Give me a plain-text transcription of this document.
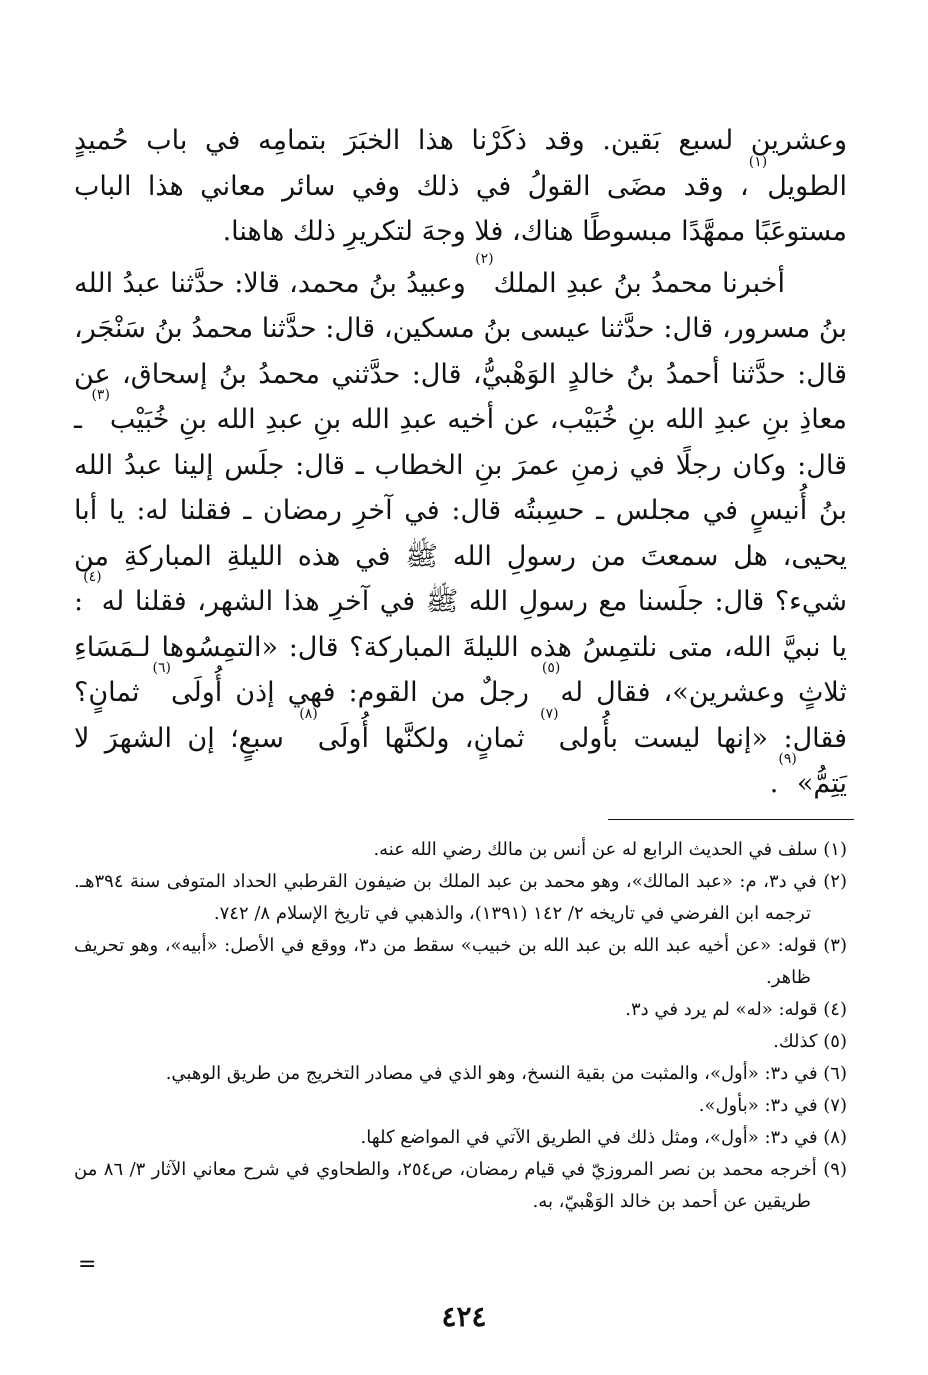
وعشرين لسبع بَقين. وقد ذكَرْنا هذا الخبَرَ بتمامِه في باب حُميدٍ الطويل$^{(١)}$، وقد مضَى القولُ في ذلك وفي سائر معاني هذا الباب مستوعَبًا ممهَّدًا مبسوطًا هناك، فلا وجهَ لتكريرِ ذلك هاهنا.

أخبرنا محمدُ بنُ عبدِ الملك$^{(٢)}$ وعبيدُ بنُ محمد، قالا: حدَّثنا عبدُ الله بنُ مسرور، قال: حدَّثنا عيسى بنُ مسكين، قال: حدَّثنا محمدُ بنُ سَنْجَر، قال: حدَّثنا أحمدُ بنُ خالدٍ الوَهْبيُّ، قال: حدَّثني محمدُ بنُ إسحاق، عن معاذِ بنِ عبدِ الله بنِ خُبَيْب، عن أخيه عبدِ الله بنِ عبدِ الله بنِ خُبَيْب$^{(٣)}$ ـ قال: وكان رجلًا في زمنِ عمرَ بنِ الخطاب ـ قال: جلَس إلينا عبدُ الله بنُ أُنيسٍ في مجلس ـ حسِبتُه قال: في آخرِ رمضان ـ فقلنا له: يا أبا يحيى، هل سمعتَ من رسولِ الله ﷺ في هذه الليلةِ المباركةِ من شيء؟ قال: جلَسنا مع رسولِ الله ﷺ في آخرِ هذا الشهر، فقلنا له$^{(٤)}$: يا نبيَّ الله، متى نلتمِسُ هذه الليلةَ المباركة؟ قال: «التمِسُوها لـمَسَاءِ ثلاثٍ وعشرين»، فقال له$^{(٥)}$ رجلٌ من القوم: فهي إذن أُولَى$^{(٦)}$ ثمانٍ؟ فقال: «إنها ليست بأُولى$^{(٧)}$ ثمانٍ، ولكنَّها أُولَى$^{(٨)}$ سبعٍ؛ إن الشهرَ لا يَتِمُّ»$^{(٩)}$.

(١) سلف في الحديث الرابع له عن أنس بن مالك رضي الله عنه.

(٢) في د٣، م: «عبد المالك»، وهو محمد بن عبد الملك بن ضيفون القرطبي الحداد المتوفى سنة ٣٩٤هـ. ترجمه ابن الفرضي في تاريخه ٢/ ١٤٢ (١٣٩١)، والذهبي في تاريخ الإسلام ٨/ ٧٤٢.

(٣) قوله: «عن أخيه عبد الله بن عبد الله بن خبيب» سقط من د٣، ووقع في الأصل: «أبيه»، وهو تحريف ظاهر.

(٤) قوله: «له» لم يرد في د٣.

(٥) كذلك.

(٦) في د٣: «أول»، والمثبت من بقية النسخ، وهو الذي في مصادر التخريج من طريق الوهبي.

(٧) في د٣: «بأول».

(٨) في د٣: «أول»، ومثل ذلك في الطريق الآتي في المواضع كلها.

(٩) أخرجه محمد بن نصر المروزيّ في قيام رمضان، ص٢٥٤، والطحاوي في شرح معاني الآثار ٣/ ٨٦ من طريقين عن أحمد بن خالد الوَهْبيّ، به.

=
٤٢٤
